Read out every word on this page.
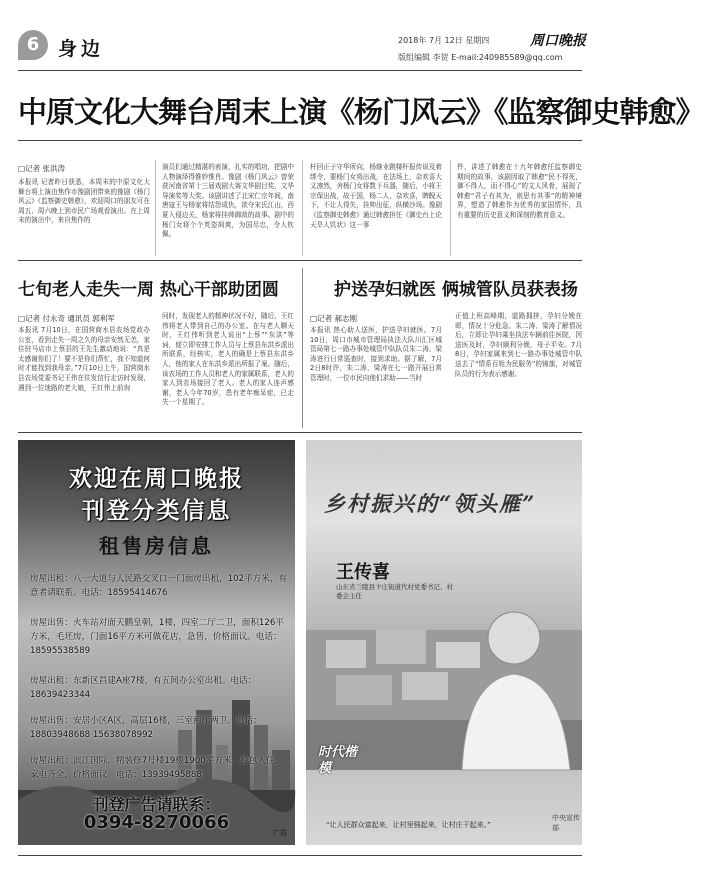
6 身边	2018年 7月 12日 星期四
版组编辑 李贺 E-mail:240985589@qq.com
周口晚报
中原文化大舞台周末上演《杨门风云》《监察御史韩愈》
□记者 张洪涛
本报讯 记者昨日获悉，本周末的中原文化大舞台将上演由焦作市豫剧团带来的豫剧《杨门风云》《监察御史韩愈》，欢迎周口的朋友可在周五、周六晚上到市民广场观看演出。在上周末的演出中，来自焦作的
演员们通过精湛的表演，扎实的唱功，把剧中人物演绎得惟妙惟肖。豫剧《杨门风云》曾荣获河南省第十三届戏剧大赛文华剧目奖，文华导演奖等大奖。该剧讲述了北宋仁宗年间，南唐寇王与杨家将结怨成仇，欲夺宋氏江山，西夏入侵边关，杨家将挂帅御敌的故事。剧中的杨门女将个个英姿飒爽，为国尽忠，令人钦佩。
杆回正子守华所向，杨继业跳楼杆报传说及着绑令，要杨门女将出战，在法场上，杂欢喜大义凛然，舍杨门女将数下兵器，随后，小将王宗保出战，故于国，杨二人，杂欢喜，睥睨天下，不让人得失，挂帅出征，纵横沙场。豫剧《监察御史韩愈》通过韩愈担任《御史台上论天旱人饥状》这一事
件，讲述了韩愈在十九年韩愈任监察御史期间的故事，该剧因取了韩愈“民不得死，御不得人，而不得心”的文人风骨，展现了韩愈“君子有其为，则思有其事”的精神境界，塑造了韩愈作为优秀的家国情怀，具有重要的历史意义和深刻的教育意义。
七旬老人走失一周 热心干部助团圆
□记者 付永奇 通讯员 郭利军
本报讯 7月10日，在国营商水县农场党政办公室，看到走失一周之久的母亲安然无恙，家住驻马店市上蔡县的王先生激动地说：“真是太感谢你们了！要不是你们帮忙，我不知道何时才能找到我母亲。”7月10日上午，国营商水县农场党委书记王伟在住发信行走访时发现，遇到一位迷路的老大娘，王红伟上前询
问时，发现老人的精神状况不好，随后，王红伟将老人带到自己的办公室。在与老人聊天时，王红伟听到老人说出“上蔡”“东洪”等词，便立即安排工作人员与上蔡县东洪乡派出所联系，经核实，老人的确是上蔡县东洪乡人，他的家人在东洪乡派出所报了案。随后，该农场的工作人员和老人的家属联系，老人的家人到农场接回了老人。老人的家人连声感谢，老人今年70岁，患有老年痴呆症，已走失一个星期了。
护送孕妇就医 俩城管队员获表扬
□记者 郝志刚
本报讯 热心助人送医，护送孕妇就医。7月10日，周口市城市管理局执法大队川汇区城管局第七一路办事处城管中队队员朱二涛、梁涛进行日常巡查时，接到求助。据了解，7月2日8时许，朱二涛、梁涛在七一路开展日常管理时，一位市民向他们求助——当时
正值上班高峰期，道路拥挤，孕妇分娩在即，情况十分危急。朱二涛、梁涛了解情况后，立即让孕妇乘坐执法车辆前往医院，因送医及时，孕妇顺利分娩，母子平安。7月8日，孕妇家属来到七一路办事处城管中队送去了“情系百姓为民服务”的锦旗，对城管队员的行为表示感谢。
欢迎在周口晚报
刊登分类信息
租售房信息
房屋出租：八一大道与人民路交叉口一门面房出租，102平方米，有意者请联系。电话：18595414676
房屋出售：火车站对面天鹏皇朝，1楼，四室二厅二卫，面积126平方米，毛坯房，门面16平方米可做花店，急售，价格面议。电话：18595538589
房屋出租：东新区昌建A座7楼，有五间办公室出租。电话：18639423344
房屋出售：安居小区A区，高层16楼，三室两厅两卫。电话：18803948688 15638078992
房屋出租：滨江国际，精装修7号楼19楼1900平方米，拎包入住，家电齐全，价格面议。电话：13939495888
刊登广告请联系：
0394-8270066	广告
乡村振兴的“领头雁”
王传喜
山东省兰陵县卞庄街道代村党委书记、村委会主任
时代楷模
“让人民群众富起来，让村里强起来，让村庄干起来。”
中央宣传部
